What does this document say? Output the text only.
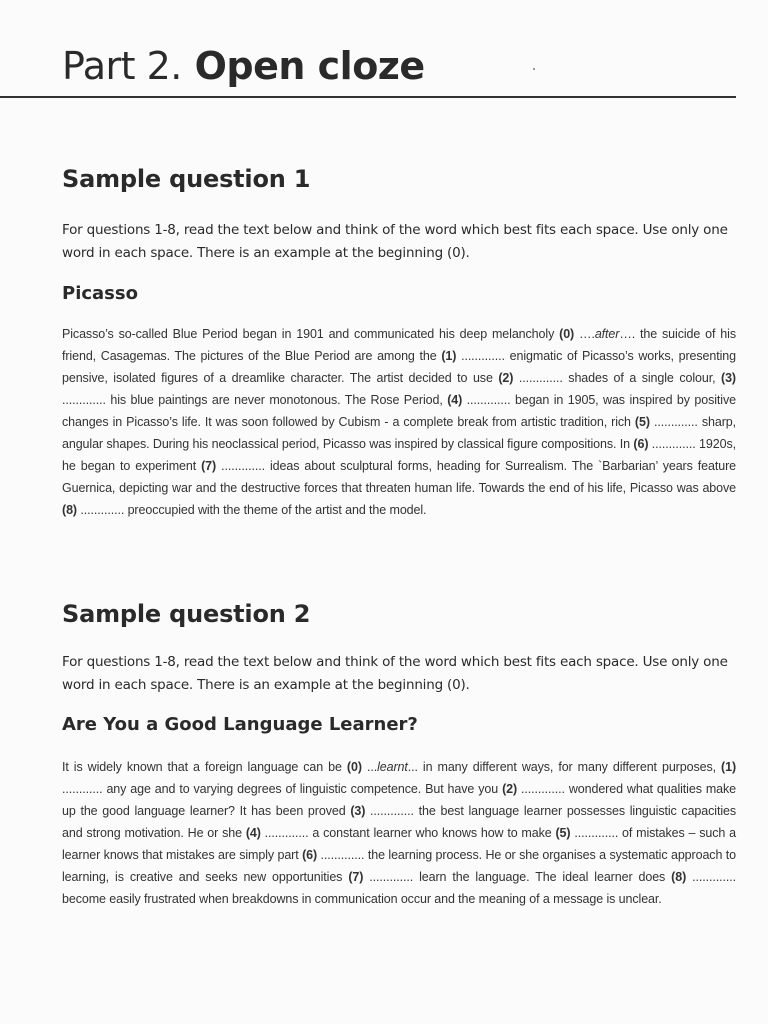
Part 2. Open cloze
Sample question 1

For questions 1-8, read the text below and think of the word which best fits each space. Use only one word in each space. There is an example at the beginning (0).

Picasso

Picasso’s so-called Blue Period began in 1901 and communicated his deep melancholy (0) ….after…. the suicide of his friend, Casagemas. The pictures of the Blue Period are among the (1) ............. enigmatic of Picasso’s works, presenting pensive, isolated figures of a dreamlike character. The artist decided to use (2) ............. shades of a single colour, (3) ............. his blue paintings are never monotonous. The Rose Period, (4) ............. began in 1905, was inspired by positive changes in Picasso’s life. It was soon followed by Cubism - a complete break from artistic tradition, rich (5) ............. sharp, angular shapes. During his neoclassical period, Picasso was inspired by classical figure compositions. In (6) ............. 1920s, he began to experiment (7) ............. ideas about sculptural forms, heading for Surrealism. The `Barbarian’ years feature Guernica, depicting war and the destructive forces that threaten human life. Towards the end of his life, Picasso was above (8) ............. preoccupied with the theme of the artist and the model.

Sample question 2

For questions 1-8, read the text below and think of the word which best fits each space. Use only one word in each space. There is an example at the beginning (0).

Are You a Good Language Learner?

It is widely known that a foreign language can be (0) ...learnt... in many different ways, for many different purposes, (1) ............ any age and to varying degrees of linguistic competence. But have you (2) ............. wondered what qualities make up the good language learner? It has been proved (3) ............. the best language learner possesses linguistic capacities and strong motivation. He or she (4) ............. a constant learner who knows how to make (5) ............. of mistakes – such a learner knows that mistakes are simply part (6) ............. the learning process. He or she organises a systematic approach to learning, is creative and seeks new opportunities (7) ............. learn the language. The ideal learner does (8) ............. become easily frustrated when breakdowns in communication occur and the meaning of a message is unclear.
